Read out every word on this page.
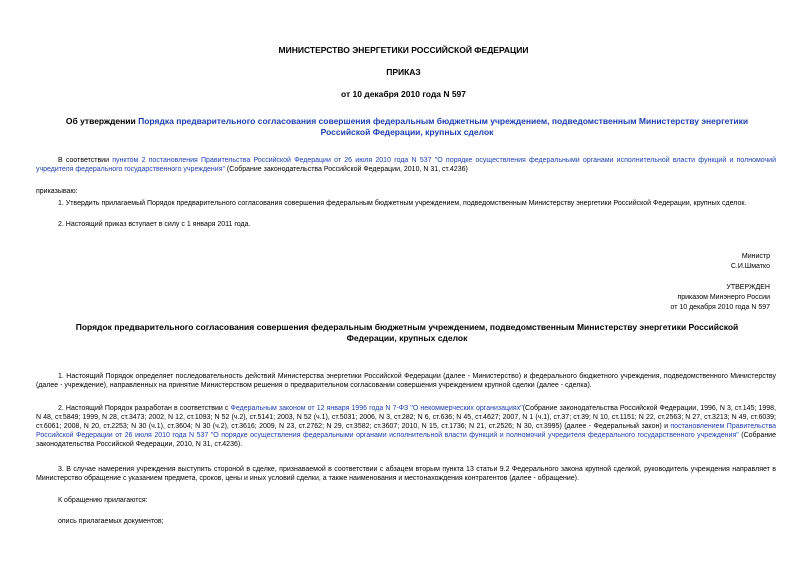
МИНИСТЕРСТВО ЭНЕРГЕТИКИ РОССИЙСКОЙ ФЕДЕРАЦИИ
ПРИКАЗ
от 10 декабря 2010 года N 597
Об утверждении Порядка предварительного согласования совершения федеральным бюджетным учреждением, подведомственным Министерству энергетики Российской Федерации, крупных сделок
В соответствии пунктом 2 постановления Правительства Российской Федерации от 26 июля 2010 года N 537 "О порядке осуществления федеральными органами исполнительной власти функций и полномочий учредителя федерального государственного учреждения" (Собрание законодательства Российской Федерации, 2010, N 31, ст.4236)
приказываю:
1. Утвердить прилагаемый Порядок предварительного согласования совершения федеральным бюджетным учреждением, подведомственным Министерству энергетики Российской Федерации, крупных сделок.
2. Настоящий приказ вступает в силу с 1 января 2011 года.
Министр
С.И.Шматко
УТВЕРЖДЕН
приказом Минэнерго России
от 10 декабря 2010 года N 597
Порядок предварительного согласования совершения федеральным бюджетным учреждением, подведомственным Министерству энергетики Российской Федерации, крупных сделок
1. Настоящий Порядок определяет последовательность действий Министерства энергетики Российской Федерации (далее - Министерство) и федерального бюджетного учреждения, подведомственного Министерству (далее - учреждение), направленных на принятие Министерством решения о предварительном согласовании совершения учреждением крупной сделки (далее - сделка).
2. Настоящий Порядок разработан в соответствии с Федеральным законом от 12 января 1996 года N 7-ФЗ "О некоммерческих организациях"(Собрание законодательства Российской Федерации, 1996, N 3, ст.145; 1998, N 48, ст.5849; 1999, N 28, ст.3473; 2002, N 12, ст.1093; N 52 (ч.2), ст.5141; 2003, N 52 (ч.1), ст.5031; 2006, N 3, ст.282; N 6, ст.636; N 45, ст.4627; 2007, N 1 (ч.1), ст.37; ст.39; N 10, ст.1151; N 22, ст.2563; N 27, ст.3213; N 49, ст.6039; ст.6061; 2008, N 20, ст.2253; N 30 (ч.1), ст.3604; N 30 (ч.2), ст.3616; 2009, N 23, ст.2762; N 29, ст.3582; ст.3607; 2010, N 15, ст.1736; N 21, ст.2526; N 30, ст.3995) (далее - Федеральный закон) и постановлением Правительства Российской Федерации от 26 июля 2010 года N 537 "О порядке осуществления федеральными органами исполнительной власти функций и полномочий учредителя федерального государственного учреждения" (Собрание законодательства Российской Федерации, 2010, N 31, ст.4236).
3. В случае намерения учреждения выступить стороной в сделке, признаваемой в соответствии с абзацем вторым пункта 13 статьи 9.2 Федерального закона крупной сделкой, руководитель учреждения направляет в Министерство обращение с указанием предмета, сроков, цены и иных условий сделки, а также наименования и местонахождения контрагентов (далее - обращение).
К обращению прилагаются:
опись прилагаемых документов;
